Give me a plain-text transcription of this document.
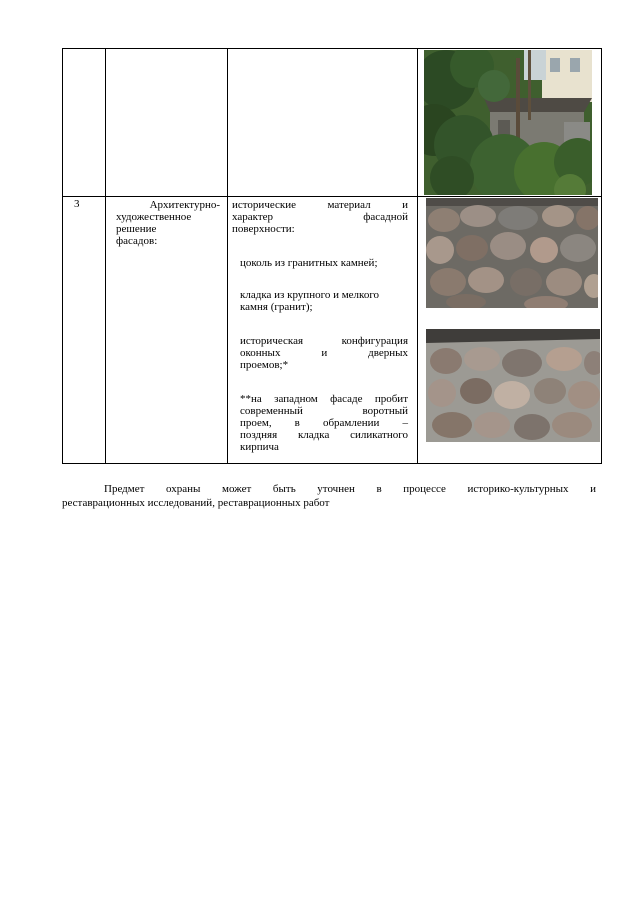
3	Архитектурно-
художественное
решение
фасадов:
исторические материал и
характер фасадной
поверхности:
цоколь из гранитных камней;
кладка из крупного и мелкого
камня (гранит);
историческая конфигурация
оконных и дверных
проемов;*
**на западном фасаде пробит
современный воротный
проем, в обрамлении –
поздняя кладка силикатного
кирпича
Предмет охраны может быть уточнен в процессе историко-культурных и
реставрационных исследований, реставрационных работ
